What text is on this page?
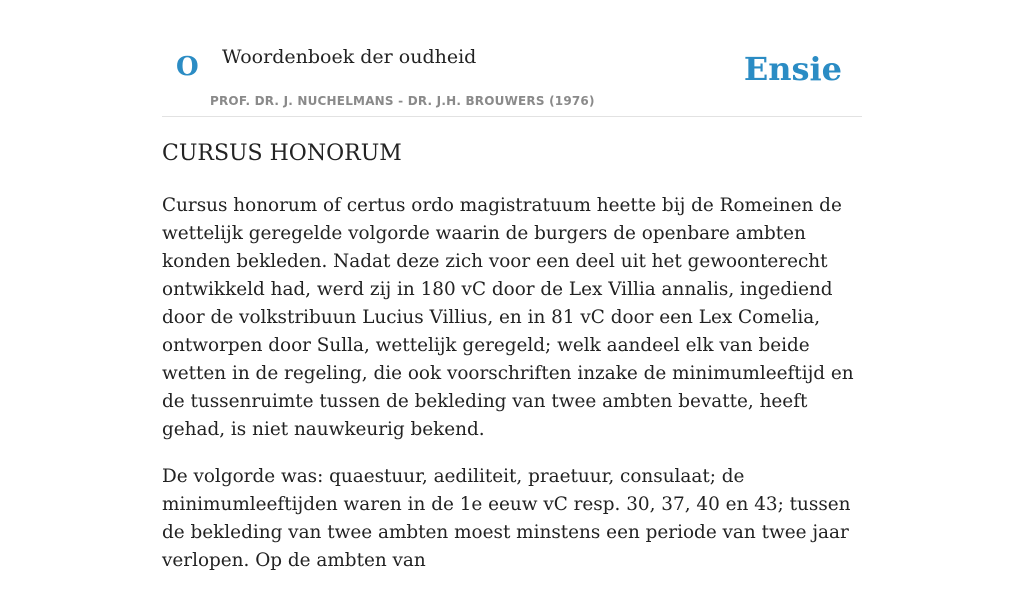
O Woordenboek der oudheid
PROF. DR. J. NUCHELMANS - DR. J.H. BROUWERS (1976)
Ensie
CURSUS HONORUM

Cursus honorum of certus ordo magistratuum heette bij de Romeinen de wettelijk geregelde volgorde waarin de burgers de openbare ambten konden bekleden. Nadat deze zich voor een deel uit het gewoonterecht ontwikkeld had, werd zij in 180 vC door de Lex Villia annalis, ingediend door de volkstribuun Lucius Villius, en in 81 vC door een Lex Comelia, ontworpen door Sulla, wettelijk geregeld; welk aandeel elk van beide wetten in de regeling, die ook voorschriften inzake de minimumleeftijd en de tussenruimte tussen de bekleding van twee ambten bevatte, heeft gehad, is niet nauwkeurig bekend.

De volgorde was: quaestuur, aediliteit, praetuur, consulaat; de minimumleeftijden waren in de 1e eeuw vC resp. 30, 37, 40 en 43; tussen de bekleding van twee ambten moest minstens een periode van twee jaar verlopen. Op de ambten van
